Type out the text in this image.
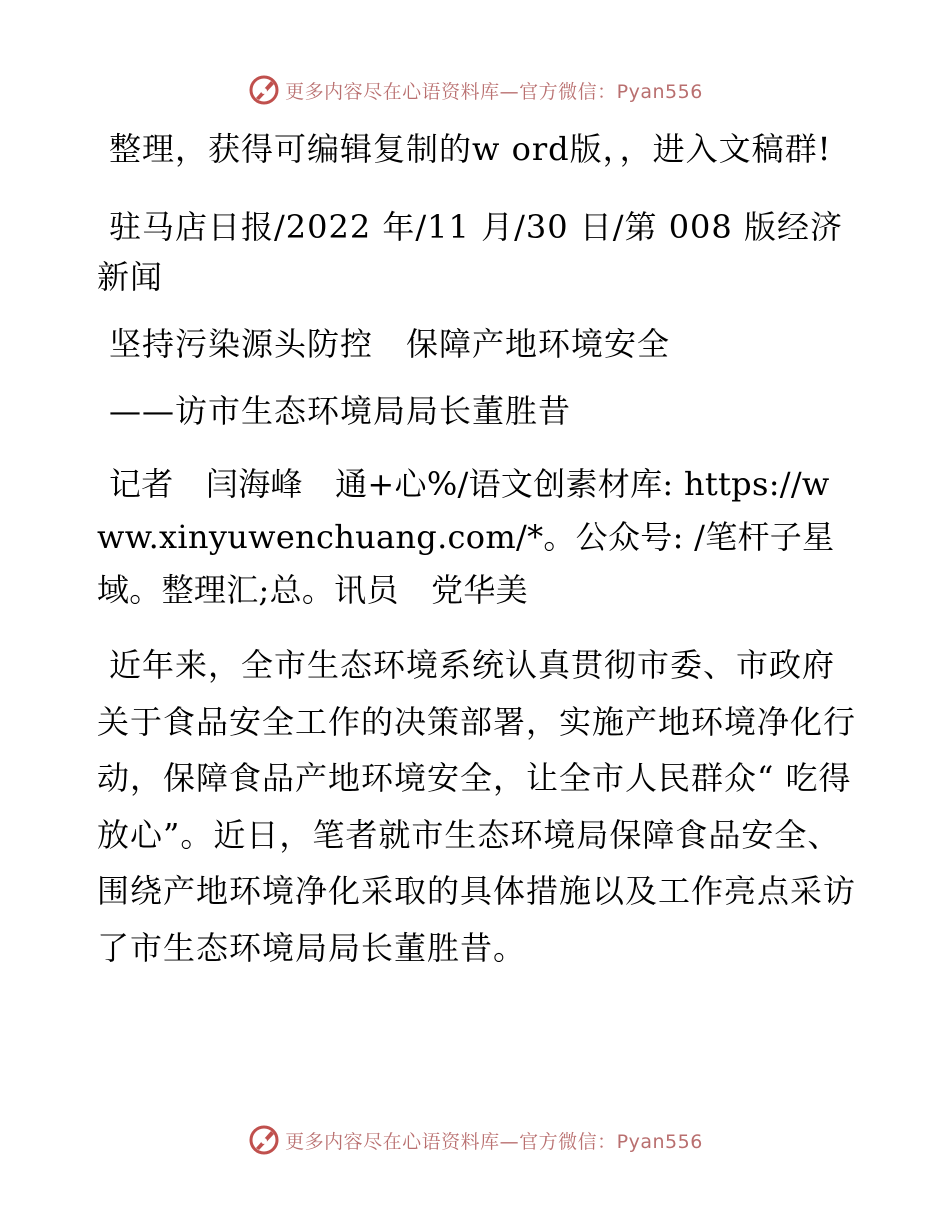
更多内容尽在心语资料库—官方微信：Pyan556

整理，获得可编辑复制的w ord版，，进入文稿群!

驻马店日报/2022 年/11 月/30 日/第 008 版经济新闻

坚持污染源头防控　保障产地环境安全

——访市生态环境局局长董胜昔

记者　闫海峰　通+心%/语文创素材库: https://www.xinyuwenchuang.com/*。公众号: /笔杆子星域。整理汇;总。讯员　党华美

近年来，全市生态环境系统认真贯彻市委、市政府关于食品安全工作的决策部署，实施产地环境净化行动，保障食品产地环境安全，让全市人民群众“ 吃得放心”。近日，笔者就市生态环境局保障食品安全、围绕产地环境净化采取的具体措施以及工作亮点采访了市生态环境局局长董胜昔。

更多内容尽在心语资料库—官方微信：Pyan556
